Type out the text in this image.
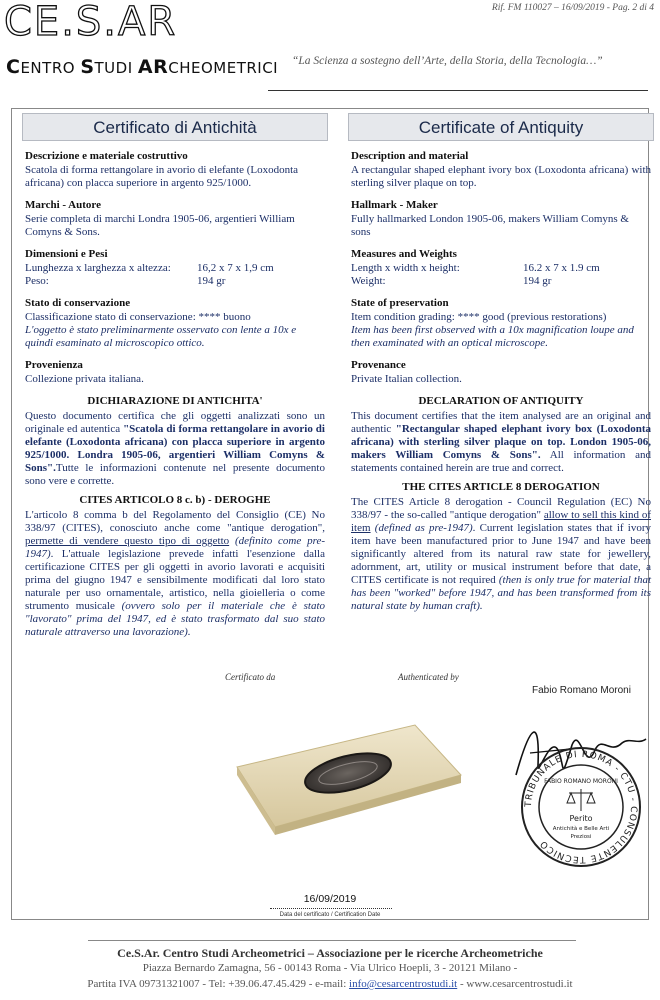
Rif. FM 110027 – 16/09/2019 - Pag. 2 di 4
CE.S.AR
CENTRO STUDI ARCHEOMETRICI “La Scienza a sostegno dell’Arte, della Storia, della Tecnologia…”
Certificato di Antichità
Descrizione e materiale costruttivo

Scatola di forma rettangolare in avorio di elefante (Loxodonta africana) con placca superiore in argento 925/1000.

Marchi - Autore

Serie completa di marchi Londra 1905-06, argentieri William Comyns & Sons.

Dimensioni e Pesi
Lunghezza x larghezza x altezza:	16,2 x 7 x 1,9 cm
Peso:	194 gr
Stato di conservazione

Classificazione stato di conservazione: **** buono

L'oggetto è stato preliminarmente osservato con lente a 10x e quindi esaminato al microscopico ottico.

Provenienza

Collezione privata italiana.

DICHIARAZIONE DI ANTICHITA'

Questo documento certifica che gli oggetti analizzati sono un originale ed autentica "Scatola di forma rettangolare in avorio di elefante (Loxodonta africana) con placca superiore in argento 925/1000. Londra 1905-06, argentieri William Comyns & Sons".Tutte le informazioni contenute nel presente documento sono vere e corrette.

CITES ARTICOLO 8 c. b) - DEROGHE

L'articolo 8 comma b del Regolamento del Consiglio (CE) No 338/97 (CITES), conosciuto anche come "antique derogation", permette di vendere questo tipo di oggetto (definito come pre-1947). L'attuale legislazione prevede infatti l'esenzione dalla certificazione CITES per gli oggetti in avorio lavorati e acquisiti prima del giugno 1947 e sensibilmente modificati dal loro stato naturale per uso ornamentale, artistico, nella gioielleria o come strumento musicale (ovvero solo per il materiale che è stato "lavorato" prima del 1947, ed è stato trasformato dal suo stato naturale attraverso una lavorazione).

Certificate of Antiquity
Description and material

A rectangular shaped elephant ivory box (Loxodonta africana) with sterling silver plaque on top.

Hallmark - Maker

Fully hallmarked London 1905-06, makers William Comyns & sons

Measures and Weights
Length x width x height:	16.2 x 7 x 1.9 cm
Weight:	194 gr
State of preservation

Item condition grading: **** good (previous restorations)

Item has been first observed with a 10x magnification loupe and then examinated with an optical microscope.

Provenance

Private Italian collection.

DECLARATION OF ANTIQUITY

This document certifies that the item analysed are an original and authentic "Rectangular shaped elephant ivory box (Loxodonta africana) with sterling silver plaque on top. London 1905-06, makers William Comyns & Sons". All information and statements contained herein are true and correct.

THE CITES ARTICLE 8 DEROGATION

The CITES Article 8 derogation - Council Regulation (EC) No 338/97 - the so-called "antique derogation" allow to sell this kind of item (defined as pre-1947). Current legislation states that if ivory item have been manufactured prior to June 1947 and have been significantly altered from its natural raw state for jewellery, adornment, art, utility or musical instrument before that date, a CITES certificate is not required (then is only true for material that has been "worked" before 1947, and has been transformed from its natural state by human craft).

Certificato da	Authenticated by
Fabio Romano Moroni
TRIBUNALE DI ROMA - CTU - CONSULENTE TECNICO
FABIO ROMANO MORONI
Perito
Antichità e Belle Arti
Preziosi
16/09/2019
Data del certificato / Certification Date
Ce.S.Ar. Centro Studi Archeometrici – Associazione per le ricerche Archeometriche
Piazza Bernardo Zamagna, 56 - 00143 Roma - Via Ulrico Hoepli, 3 - 20121 Milano -
Partita IVA 09731321007 - Tel: +39.06.47.45.429 - e-mail: info@cesarcentrostudi.it - www.cesarcentrostudi.it
